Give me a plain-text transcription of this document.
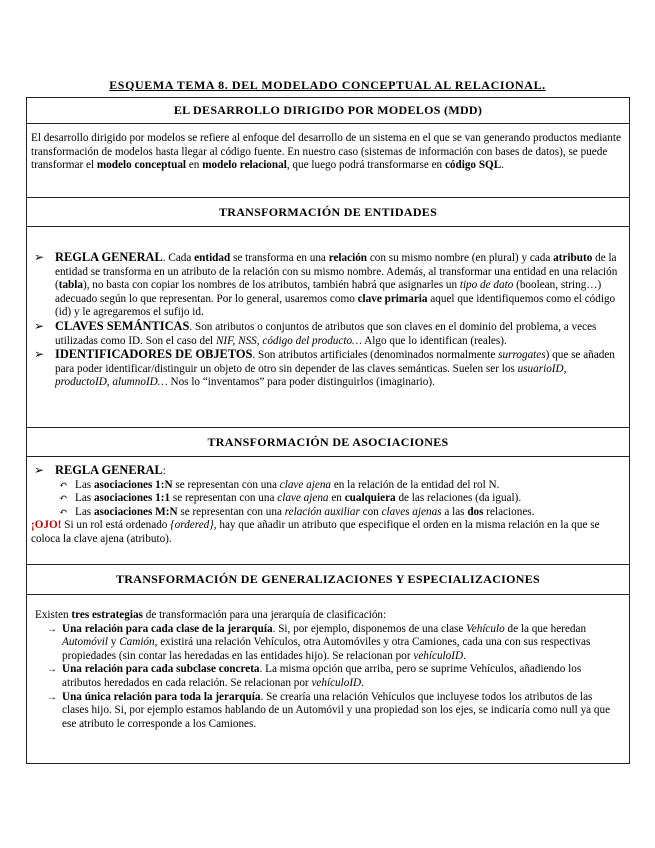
ESQUEMA TEMA 8. DEL MODELADO CONCEPTUAL AL RELACIONAL.
EL DESARROLLO DIRIGIDO POR MODELOS (MDD)

El desarrollo dirigido por modelos se refiere al enfoque del desarrollo de un sistema en el que se van generando productos mediante transformación de modelos hasta llegar al código fuente. En nuestro caso (sistemas de información con bases de datos), se puede transformar el modelo conceptual en modelo relacional, que luego podrá transformarse en código SQL.

TRANSFORMACIÓN DE ENTIDADES
➢ REGLA GENERAL. Cada entidad se transforma en una relación con su mismo nombre (en plural) y cada atributo de la entidad se transforma en un atributo de la relación con su mismo nombre. Además, al transformar una entidad en una relación (tabla), no basta con copiar los nombres de los atributos, también habrá que asignarles un tipo de dato (boolean, string…) adecuado según lo que representan. Por lo general, usaremos como clave primaria aquel que identifiquemos como el código (id) y le agregaremos el sufijo id.
➢ CLAVES SEMÁNTICAS. Son atributos o conjuntos de atributos que son claves en el dominio del problema, a veces utilizadas como ID. Son el caso del NIF, NSS, código del producto… Algo que lo identifican (reales).
➢ IDENTIFICADORES DE OBJETOS. Son atributos artificiales (denominados normalmente surrogates) que se añaden para poder identificar/distinguir un objeto de otro sin depender de las claves semánticas. Suelen ser los usuarioID, productoID, alumnoID… Nos lo “inventamos” para poder distinguirlos (imaginario).
TRANSFORMACIÓN DE ASOCIACIONES
➢ REGLA GENERAL:
↶ Las asociaciones 1:N se representan con una clave ajena en la relación de la entidad del rol N.
↶ Las asociaciones 1:1 se representan con una clave ajena en cualquiera de las relaciones (da igual).
↶ Las asociaciones M:N se representan con una relación auxiliar con claves ajenas a las dos relaciones.

¡OJO! Si un rol está ordenado {ordered}, hay que añadir un atributo que especifique el orden en la misma relación en la que se coloca la clave ajena (atributo).

TRANSFORMACIÓN DE GENERALIZACIONES Y ESPECIALIZACIONES

Existen tres estrategias de transformación para una jerarquía de clasificación:

→ Una relación para cada clase de la jerarquía. Si, por ejemplo, disponemos de una clase Vehículo de la que heredan Automóvil y Camión, existirá una relación Vehículos, otra Automóviles y otra Camiones, cada una con sus respectivas propiedades (sin contar las heredadas en las entidades hijo). Se relacionan por vehículoID.
→ Una relación para cada subclase concreta. La misma opción que arriba, pero se suprime Vehículos, añadiendo los atributos heredados en cada relación. Se relacionan por vehículoID.
→ Una única relación para toda la jerarquía. Se crearía una relación Vehículos que incluyese todos los atributos de las clases hijo. Si, por ejemplo estamos hablando de un Automóvil y una propiedad son los ejes, se indicaría como null ya que ese atributo le corresponde a los Camiones.
